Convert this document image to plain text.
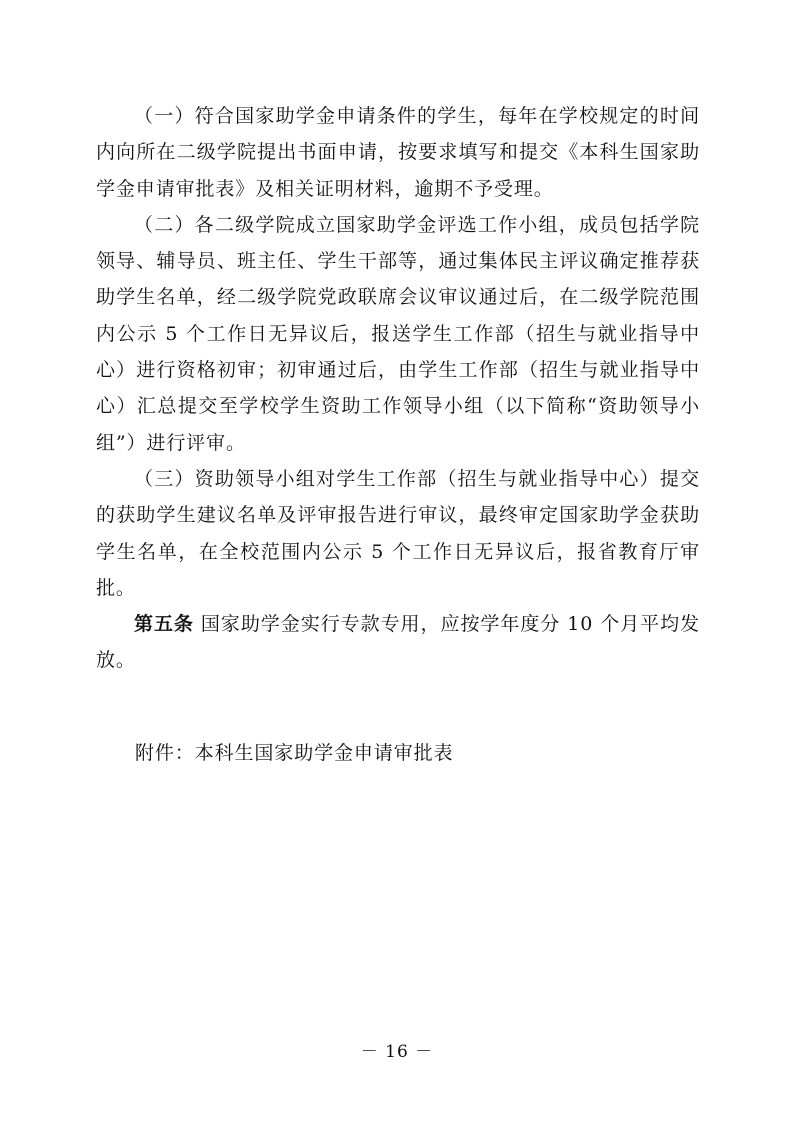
（一）符合国家助学金申请条件的学生，每年在学校规定的时间内向所在二级学院提出书面申请，按要求填写和提交《本科生国家助学金申请审批表》及相关证明材料，逾期不予受理。

（二）各二级学院成立国家助学金评选工作小组，成员包括学院领导、辅导员、班主任、学生干部等，通过集体民主评议确定推荐获助学生名单，经二级学院党政联席会议审议通过后，在二级学院范围内公示 5 个工作日无异议后，报送学生工作部（招生与就业指导中心）进行资格初审；初审通过后，由学生工作部（招生与就业指导中心）汇总提交至学校学生资助工作领导小组（以下简称“资助领导小组”）进行评审。

（三）资助领导小组对学生工作部（招生与就业指导中心）提交的获助学生建议名单及评审报告进行审议，最终审定国家助学金获助学生名单，在全校范围内公示 5 个工作日无异议后，报省教育厅审批。

第五条 国家助学金实行专款专用，应按学年度分 10 个月平均发放。

附件：本科生国家助学金申请审批表

－ 16 －
